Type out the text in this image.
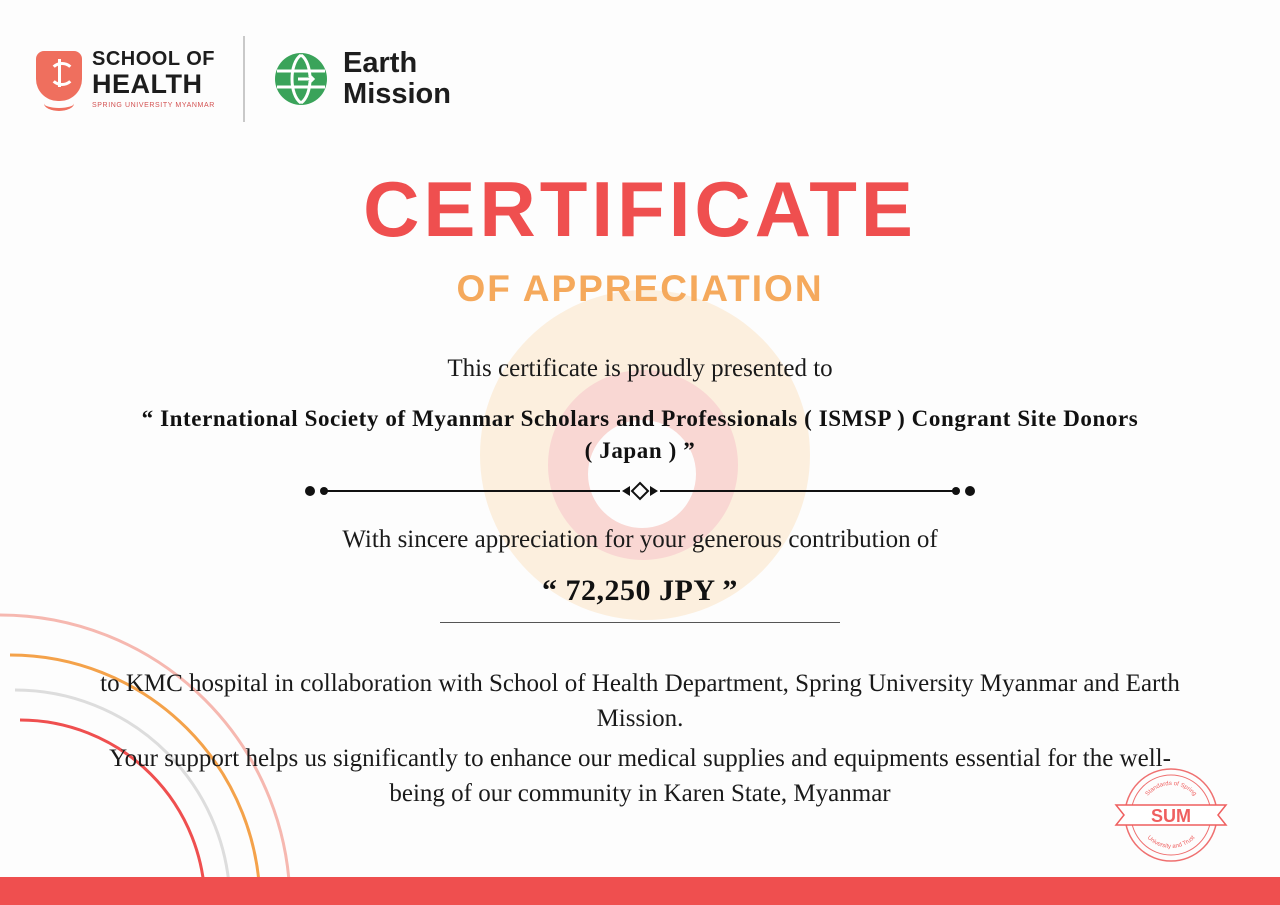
SCHOOL OF
HEALTH
SPRING UNIVERSITY MYANMAR
Earth
Mission
CERTIFICATE
OF APPRECIATION
This certificate is proudly presented to
“ International Society of Myanmar Scholars and Professionals ( ISMSP ) Congrant Site Donors ( Japan ) ”
With sincere appreciation for your generous contribution of
“ 72,250 JPY ”
to KMC hospital in collaboration with School of Health Department, Spring University Myanmar and Earth Mission.
Your support helps us significantly to enhance our medical supplies and equipments essential for the well-being of our community in Karen State, Myanmar	Standards of Spring
University and Trust
SUM
